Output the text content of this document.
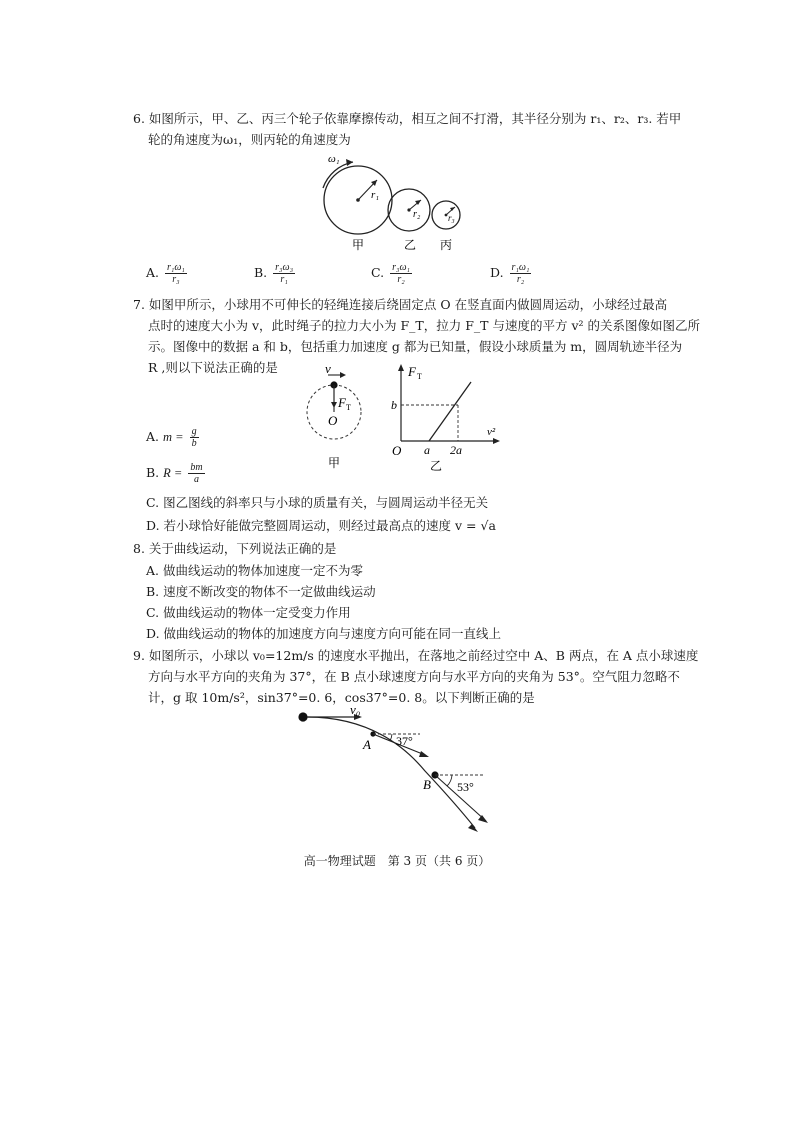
6. 如图所示，甲、乙、丙三个轮子依靠摩擦传动，相互之间不打滑，其半径分别为 r₁、r₂、r₃. 若甲
轮的角速度为ω₁，则丙轮的角速度为
r₁
ω₁
r₂	r₃
甲	乙 丙
A. $\frac{\text{r₁ω₁}}{\text{r₃}}$	B. $\frac{\text{r₃ω₃}}{\text{r₁}}$	C. $\frac{\text{r₃ω₁}}{\text{r₂}}$	D. $\frac{\text{r₁ω₁}}{\text{r₂}}$
7. 如图甲所示，小球用不可伸长的轻绳连接后绕固定点 O 在竖直面内做圆周运动，小球经过最高
点时的速度大小为 v，此时绳子的拉力大小为 F_T，拉力 F_T 与速度的平方 v² 的关系图像如图乙所
示。图像中的数据 a 和 b，包括重力加速度 g 都为已知量，假设小球质量为 m，圆周轨迹半径为
R ,则以下说法正确的是	v
F T
O
甲
F T
b
O a 2a
v²
乙
A. $m = \frac{g}{b}$
B. $R = \frac{bm}{a}$
C. 图乙图线的斜率只与小球的质量有关，与圆周运动半径无关
D. 若小球恰好能做完整圆周运动，则经过最高点的速度 v = √a
8. 关于曲线运动，下列说法正确的是
A. 做曲线运动的物体加速度一定不为零
B. 速度不断改变的物体不一定做曲线运动
C. 做曲线运动的物体一定受变力作用
D. 做曲线运动的物体的加速度方向与速度方向可能在同一直线上
9. 如图所示，小球以 v₀=12m/s 的速度水平抛出，在落地之前经过空中 A、B 两点，在 A 点小球速度
方向与水平方向的夹角为 37°，在 B 点小球速度方向与水平方向的夹角为 53°。空气阻力忽略不
计，g 取 10m/s²，sin37°=0. 6，cos37°=0. 8。以下判断正确的是
v₀
A 37°
B 53°
高一物理试题　第 3 页（共 6 页）
